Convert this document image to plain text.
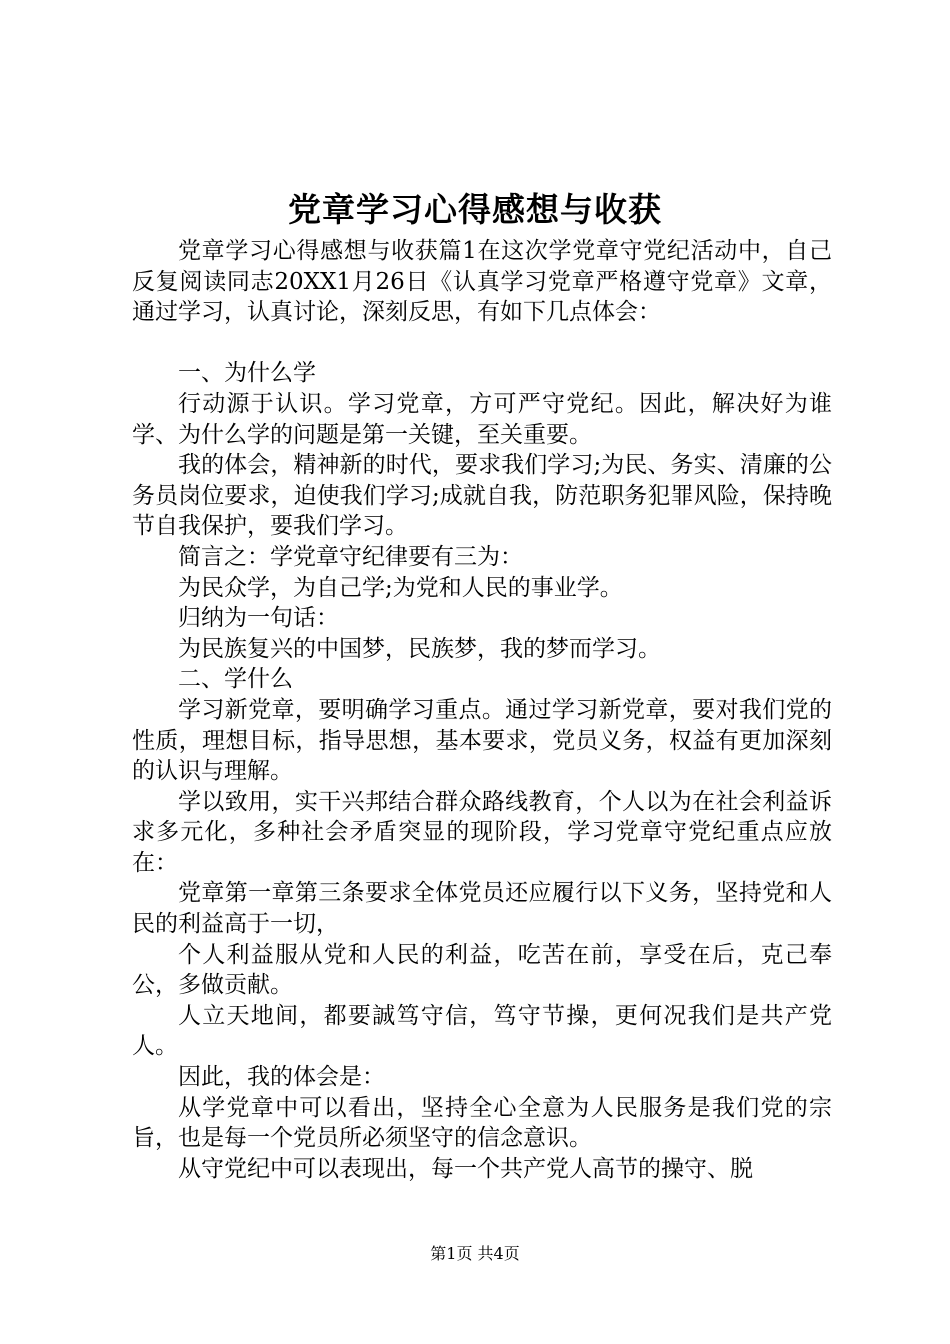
党章学习心得感想与收获

党章学习心得感想与收获篇1在这次学党章守党纪活动中，自己反复阅读同志20XX1月26日《认真学习党章严格遵守党章》文章，通过学习，认真讨论，深刻反思，有如下几点体会：

一、为什么学

行动源于认识。学习党章，方可严守党纪。因此，解决好为谁学、为什么学的问题是第一关键，至关重要。

我的体会，精神新的时代，要求我们学习;为民、务实、清廉的公务员岗位要求，迫使我们学习;成就自我，防范职务犯罪风险，保持晚节自我保护，要我们学习。

简言之：学党章守纪律要有三为：

为民众学，为自己学;为党和人民的事业学。

归纳为一句话：

为民族复兴的中国梦，民族梦，我的梦而学习。

二、学什么

学习新党章，要明确学习重点。通过学习新党章，要对我们党的性质，理想目标，指导思想，基本要求，党员义务，权益有更加深刻的认识与理解。

学以致用，实干兴邦结合群众路线教育，个人以为在社会利益诉求多元化，多种社会矛盾突显的现阶段，学习党章守党纪重点应放在：

党章第一章第三条要求全体党员还应履行以下义务，坚持党和人民的利益高于一切，

个人利益服从党和人民的利益，吃苦在前，享受在后，克己奉公，多做贡献。

人立天地间，都要誠笃守信，笃守节操，更何况我们是共产党人。

因此，我的体会是：

从学党章中可以看出，坚持全心全意为人民服务是我们党的宗旨，也是每一个党员所必须坚守的信念意识。

从守党纪中可以表现出，每一个共产党人高节的操守、脱

第1页 共4页
